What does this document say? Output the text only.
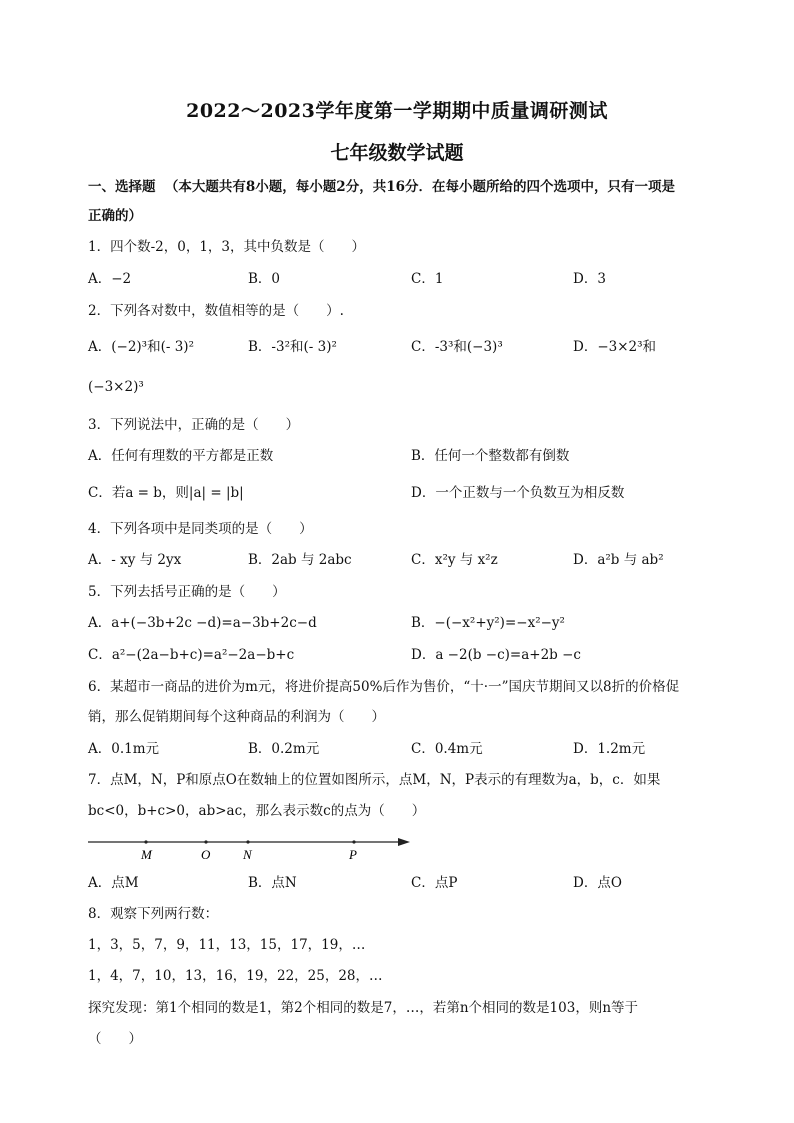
2022～2023学年度第一学期期中质量调研测试
七年级数学试题
一、选择题 （本大题共有8小题，每小题2分，共16分．在每小题所给的四个选项中，只有一项是
正确的）
1．四个数-2，0，1，3，其中负数是（　　）
A．−2	B．0	C．1	D．3
2．下列各对数中，数值相等的是（　　）.
A．(−2)³和(- 3)²	B．-3²和(- 3)²	C．-3³和(−3)³	D．−3×2³和
(−3×2)³
3．下列说法中，正确的是（　　）
A．任何有理数的平方都是正数	B．任何一个整数都有倒数
C．若a = b，则|a| = |b|	D．一个正数与一个负数互为相反数
4．下列各项中是同类项的是（　　）
A．- xy 与 2yx	B．2ab 与 2abc	C．x²y 与 x²z	D．a²b 与 ab²
5．下列去括号正确的是（　　）
A．a+(−3b+2c −d)=a−3b+2c−d	B．−(−x²+y²)=−x²−y²
C．a²−(2a−b+c)=a²−2a−b+c	D．a −2(b −c)=a+2b −c
6．某超市一商品的进价为m元，将进价提高50%后作为售价，“十·一”国庆节期间又以8折的价格促
销，那么促销期间每个这种商品的利润为（　　）
A．0.1m元	B．0.2m元	C．0.4m元	D．1.2m元
7．点M，N，P和原点O在数轴上的位置如图所示，点M，N，P表示的有理数为a，b，c．如果
bc<0，b+c>0，ab>ac，那么表示数c的点为（　　）
M	O	N	P
A．点M	B．点N	C．点P	D．点O
8．观察下列两行数：
1，3，5，7，9，11，13，15，17，19，…
1，4，7，10，13，16，19，22，25，28，…
探究发现：第1个相同的数是1，第2个相同的数是7，…，若第n个相同的数是103，则n等于
（　　）
